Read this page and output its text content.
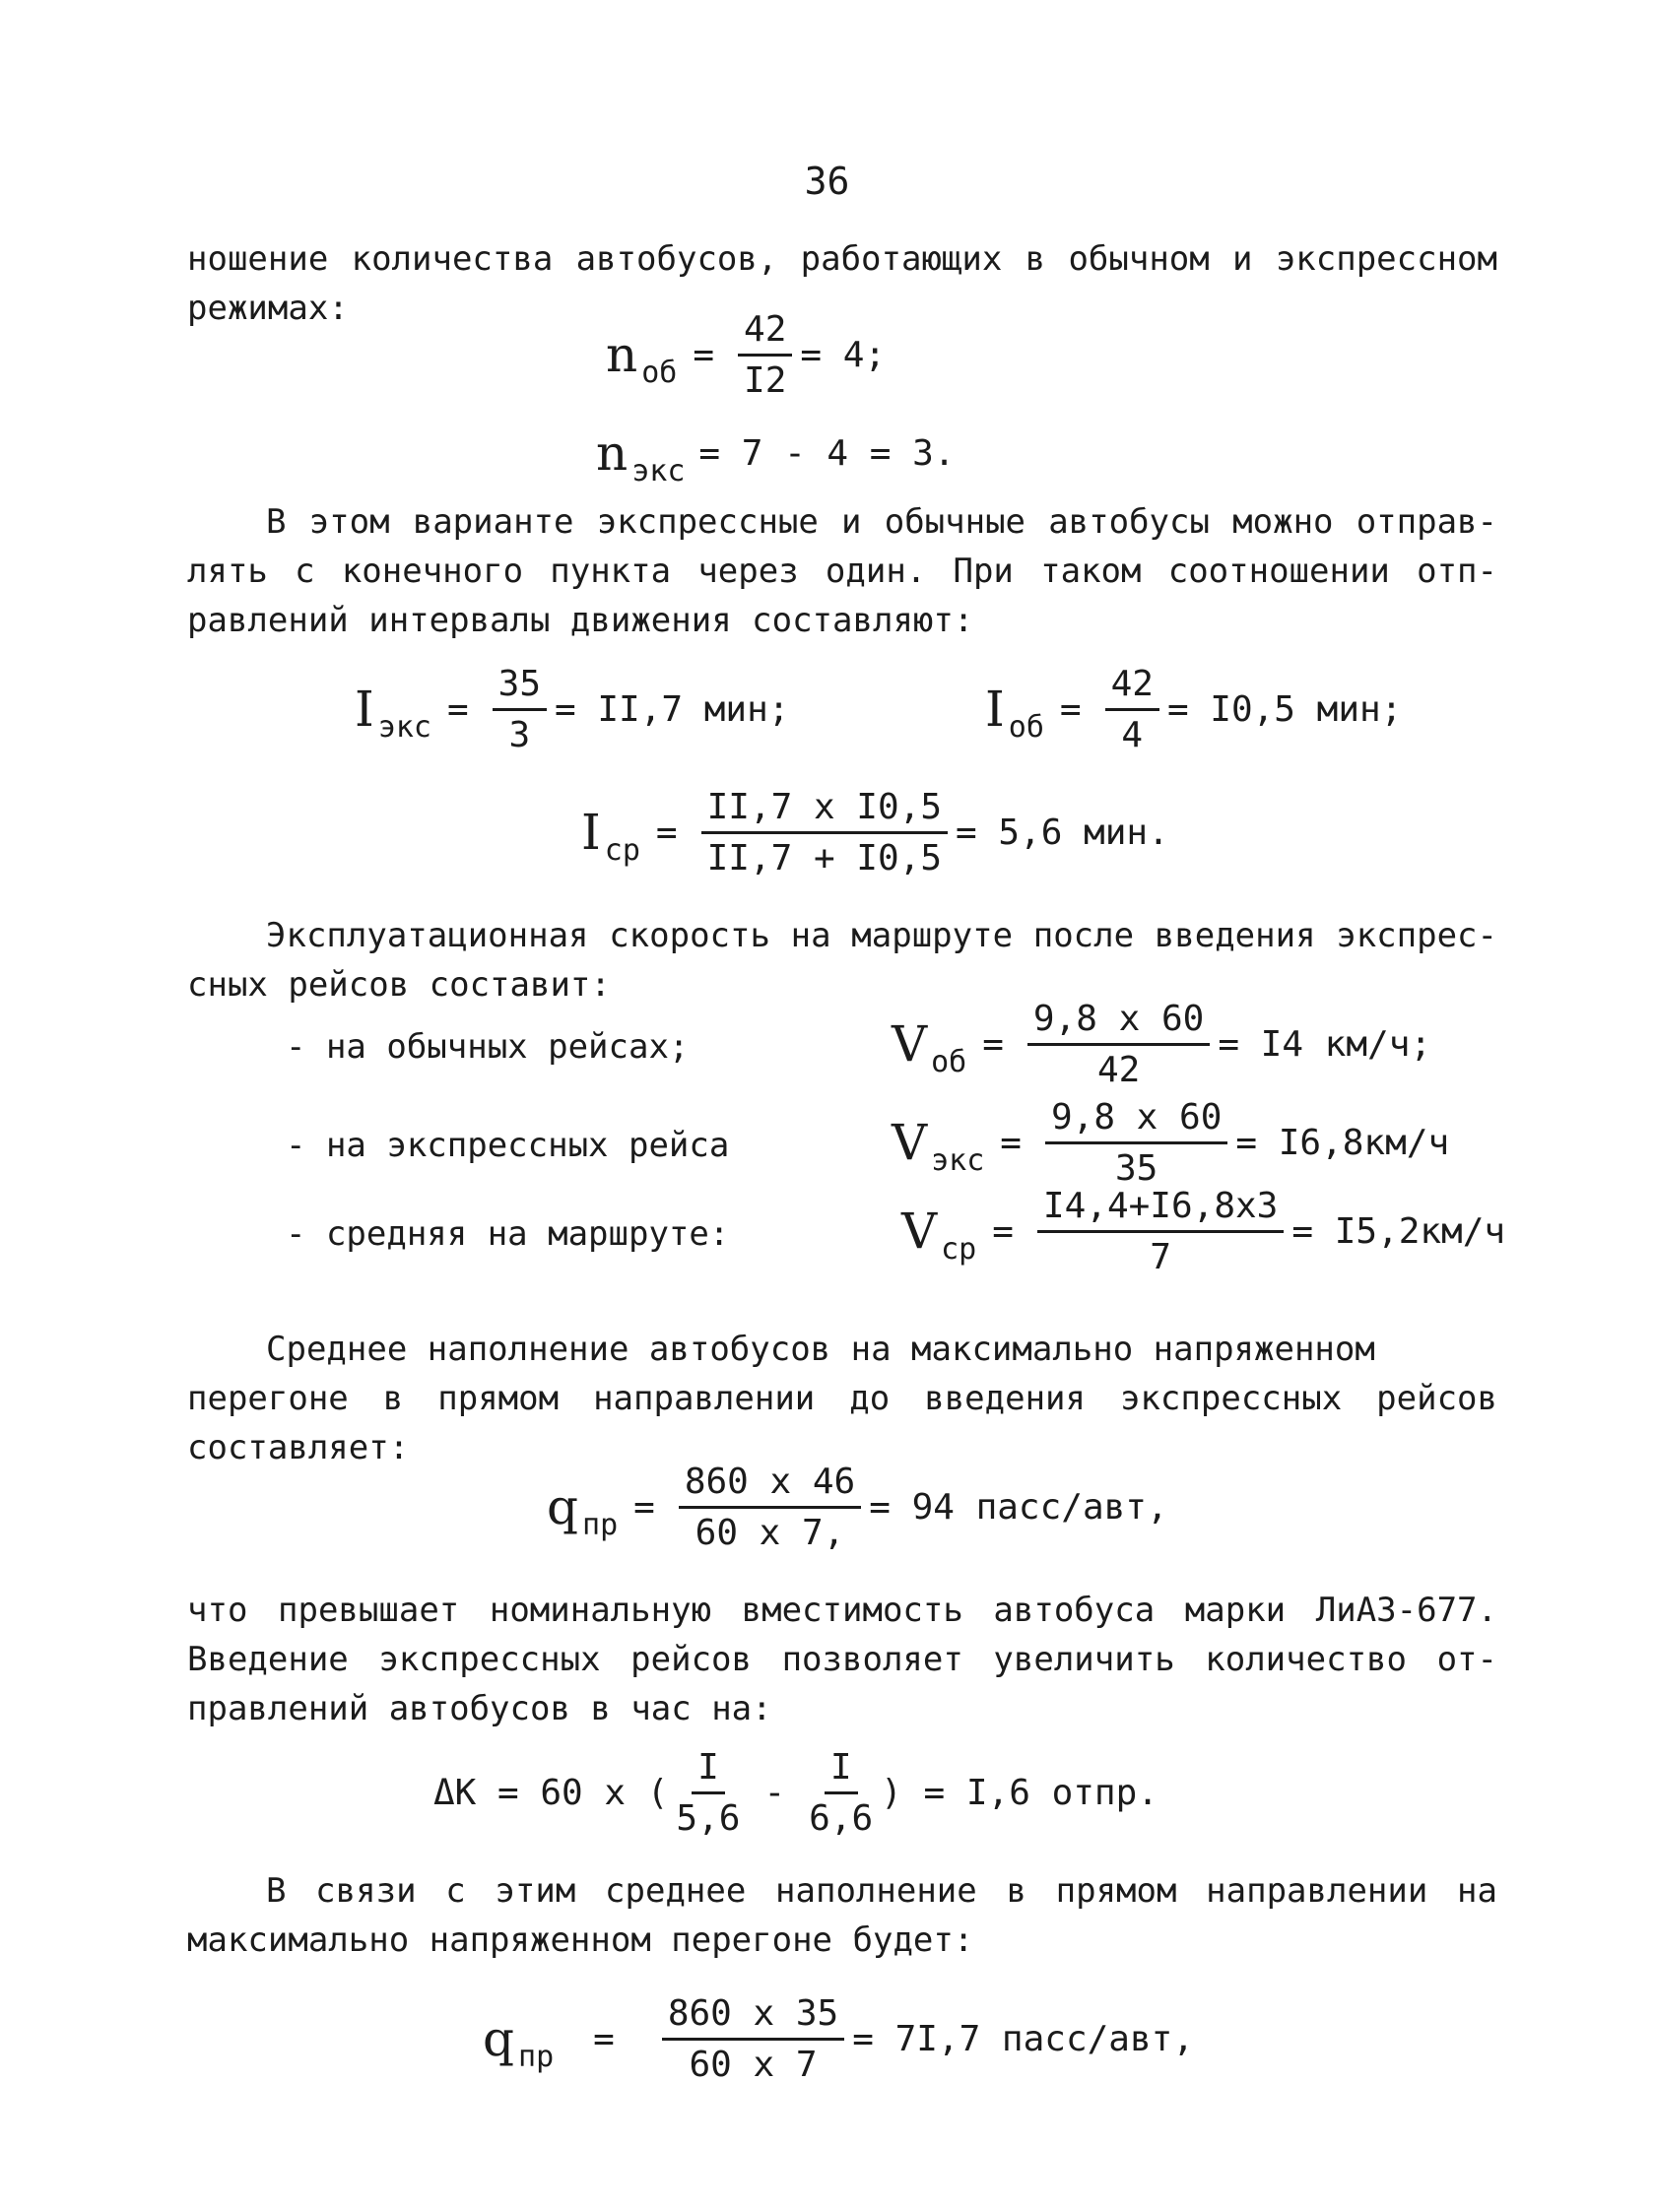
36
ношение количества автобусов, работающих в обычном и экспрессном
режимах:
n об = $\frac{42}{I2} = 4$;
n экс = 7 - 4 = 3.
В этом варианте экспрессные и обычные автобусы можно отправ-
лять с конечного пункта через один. При таком соотношении отп-
равлений интервалы движения составляют:
I экс = $\frac{35}{3} = II,7$ мин;	I об = $\frac{42}{4} = I0,5$ мин;
I ср = $\frac{\text{II,7 x I0,5}}{II,7 + I0,5} = 5,6$ мин.
Эксплуатационная скорость на маршруте после введения экспрес-
сных рейсов составит:
- на обычных рейсах;	V об = $\frac{9,8 x 60}{42} = I4$ км/ч;
- на экспрессных рейса	V экс = $\frac{9,8 x 60}{35} = I6,8км/ч$
- средняя на маршруте:	V ср = $\frac{I4,4+I6,8x3}{7} = I5,2км/ч$
Среднее наполнение автобусов на максимально напряженном
перегоне в прямом направлении до введения экспрессных рейсов
составляет:
q пр = $\frac{860 x 46}{60 x 7,} = 94$ пасс/авт,
что превышает номинальную вместимость автобуса марки ЛиАЗ-677.
Введение экспрессных рейсов позволяет увеличить количество от-
правлений автобусов в час на:
ΔК = 60 x ( $\frac{I}{5,6} - \frac{I}{6,6}$ ) = I,6 отпр.
В связи с этим среднее наполнение в прямом направлении на
максимально напряженном перегоне будет:
q пр = $\frac{860 x 35}{60 x 7} = 7I,7$ пасс/авт,
